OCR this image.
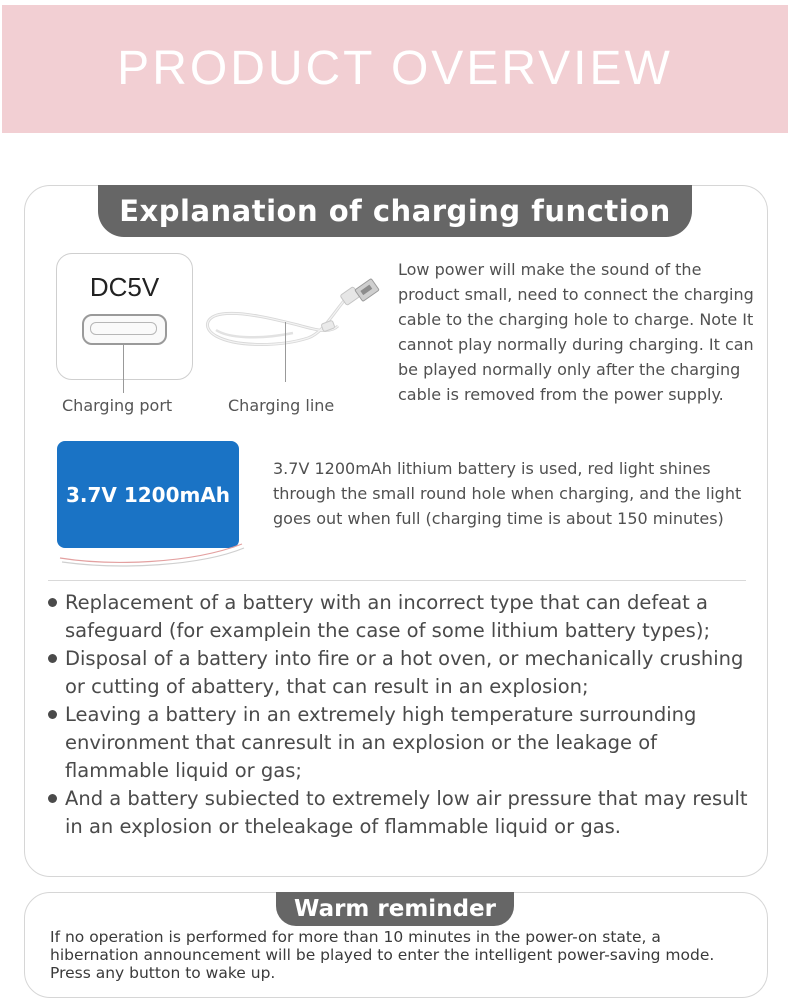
PRODUCT OVERVIEW
Explanation of charging function
DC5V
Charging port	Charging line
Low power will make the sound of the product small, need to connect the charging cable to the charging hole to charge. Note It cannot play normally during charging. It can be played normally only after the charging cable is removed from the power supply.
3.7V 1200mAh
3.7V 1200mAh lithium battery is used, red light shines through the small round hole when charging, and the light goes out when full (charging time is about 150 minutes)
Replacement of a battery with an incorrect type that can defeat a safeguard (for examplein the case of some lithium battery types);
Disposal of a battery into fire or a hot oven, or mechanically crushing or cutting of abattery, that can result in an explosion;
Leaving a battery in an extremely high temperature surrounding environment that canresult in an explosion or the leakage of flammable liquid or gas;
And a battery subiected to extremely low air pressure that may result in an explosion or theleakage of flammable liquid or gas.
Warm reminder
If no operation is performed for more than 10 minutes in the power-on state, a hibernation announcement will be played to enter the intelligent power-saving mode. Press any button to wake up.
